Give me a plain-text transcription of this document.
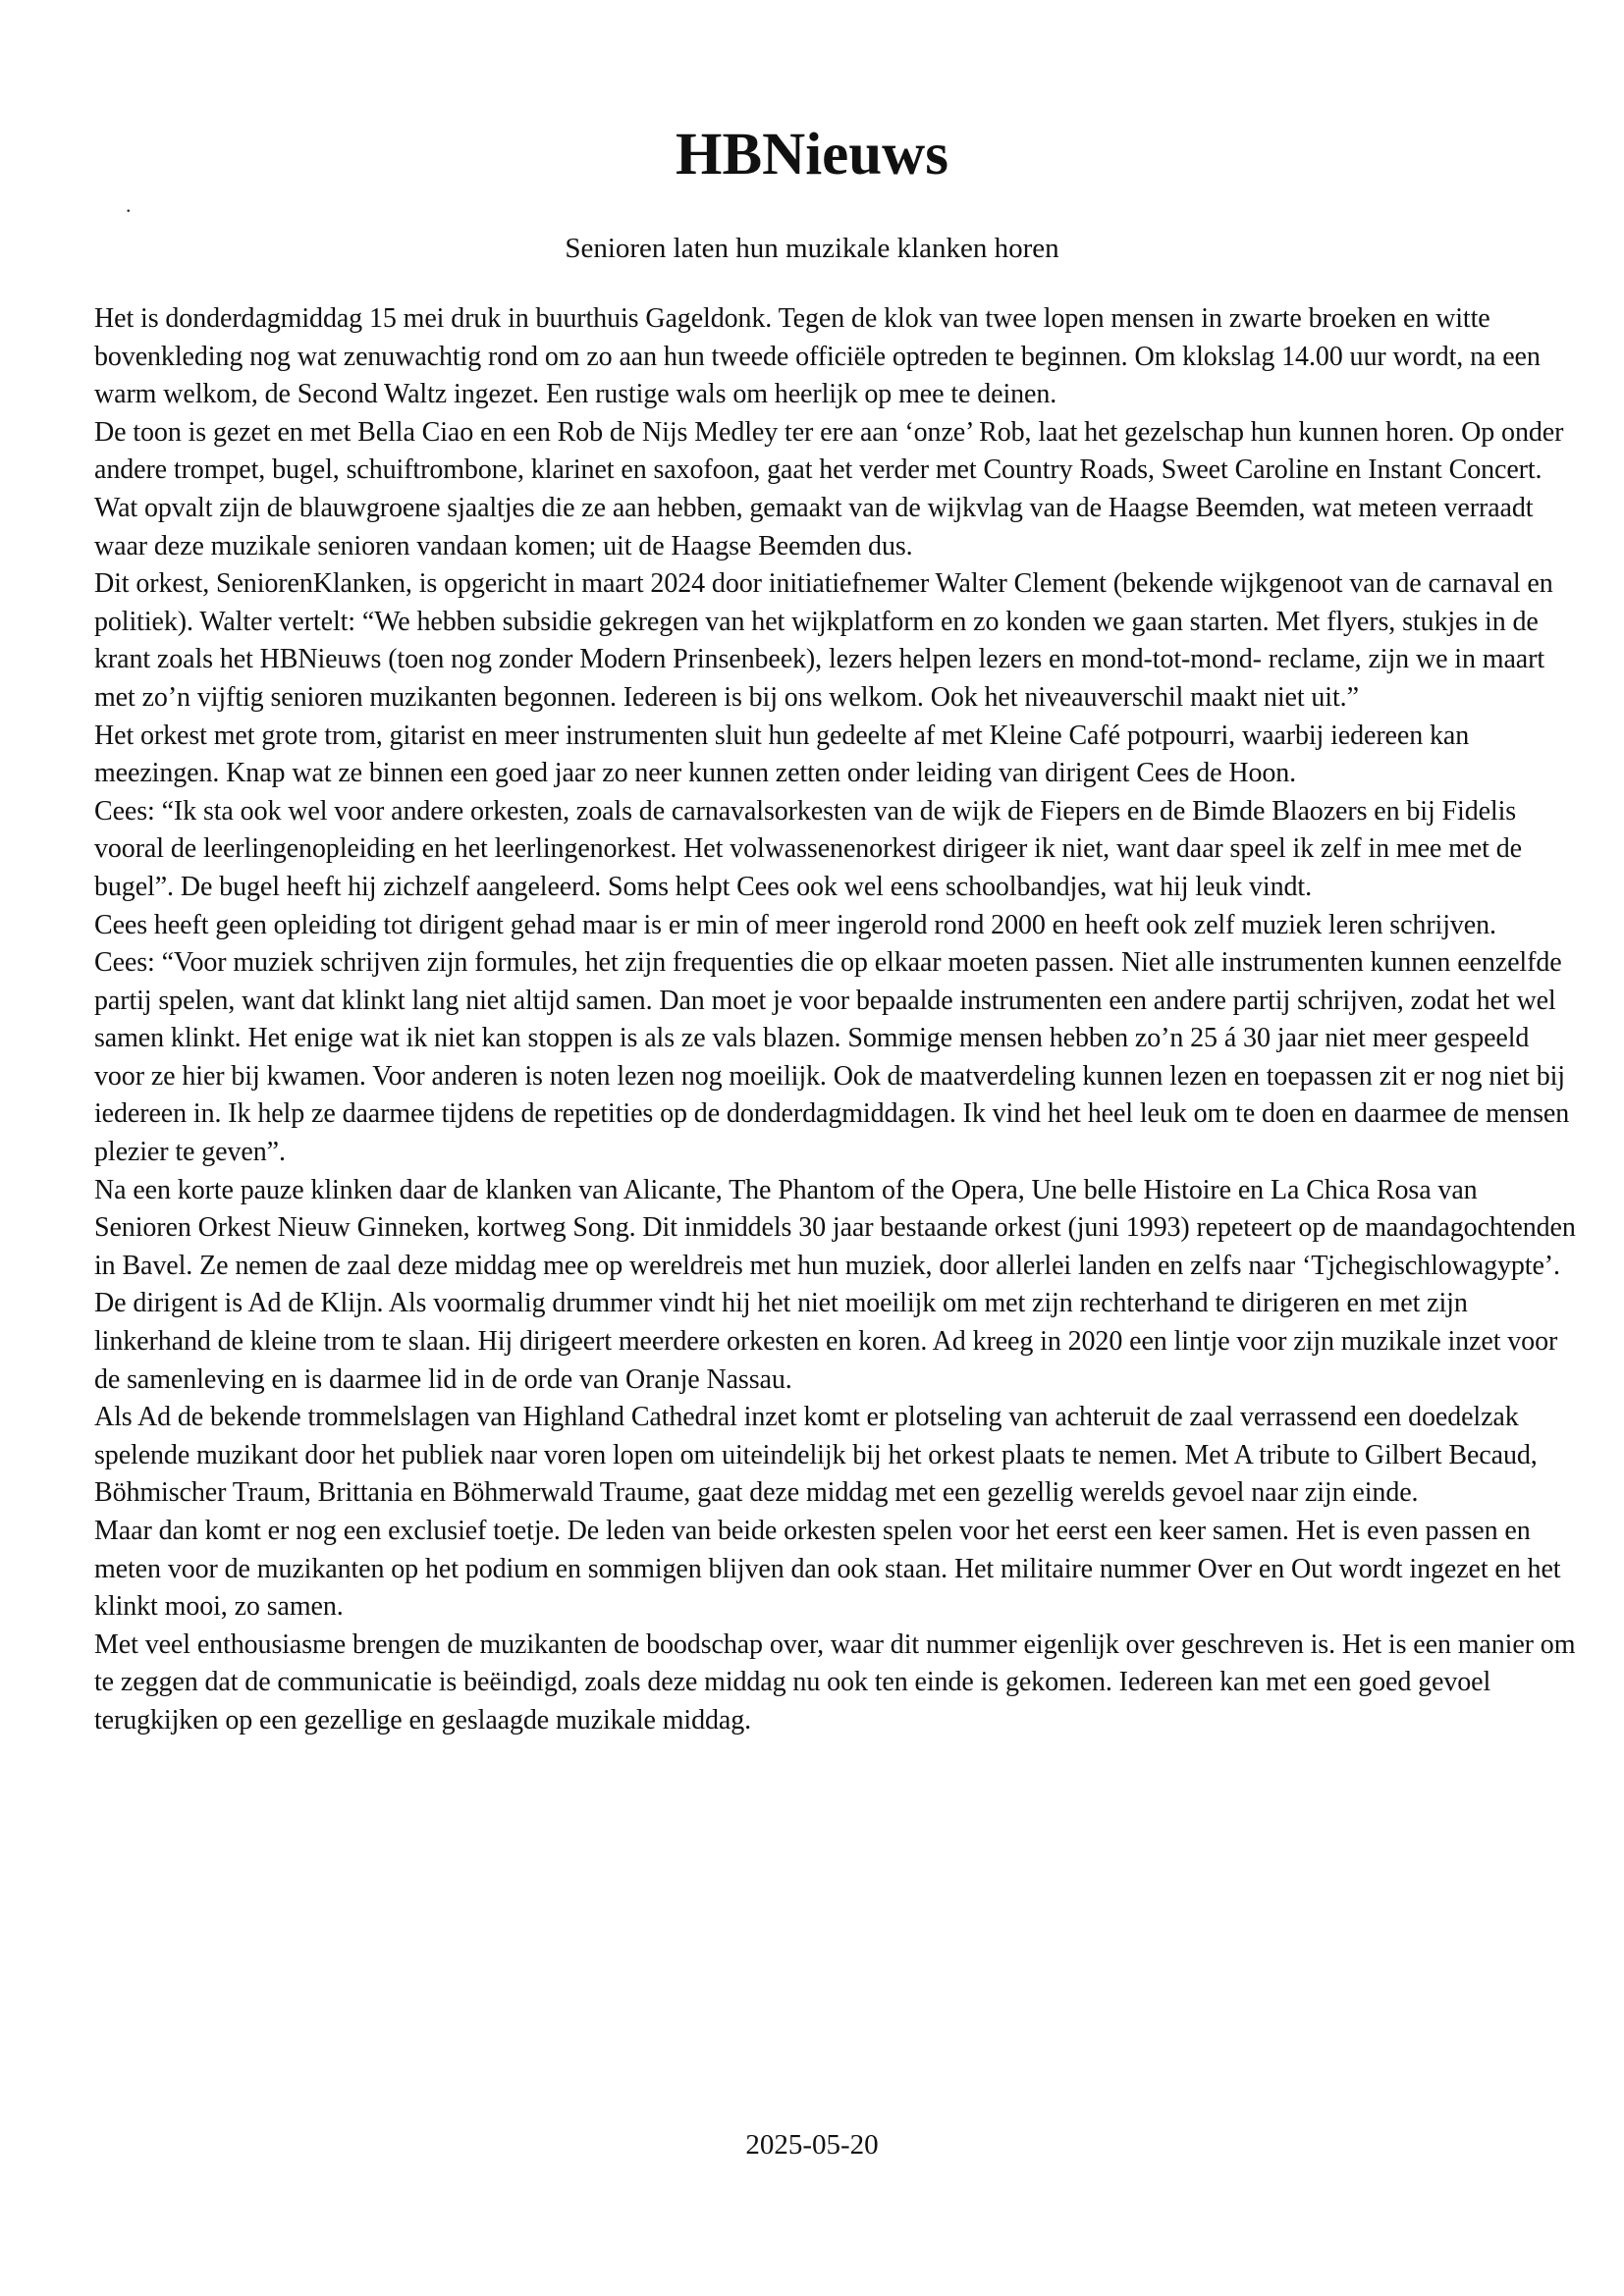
HBNieuws
.
Senioren laten hun muzikale klanken horen

Het is donderdagmiddag 15 mei druk in buurthuis Gageldonk. Tegen de klok van twee lopen mensen in zwarte broeken en witte bovenkleding nog wat zenuwachtig rond om zo aan hun tweede officiële optreden te beginnen. Om klokslag 14.00 uur wordt, na een warm welkom, de Second Waltz ingezet. Een rustige wals om heerlijk op mee te deinen.

De toon is gezet en met Bella Ciao en een Rob de Nijs Medley ter ere aan ‘onze’ Rob, laat het gezelschap hun kunnen horen. Op onder andere trompet, bugel, schuiftrombone, klarinet en saxofoon, gaat het verder met Country Roads, Sweet Caroline en Instant Concert. Wat opvalt zijn de blauwgroene sjaaltjes die ze aan hebben, gemaakt van de wijkvlag van de Haagse Beemden, wat meteen verraadt waar deze muzikale senioren vandaan komen; uit de Haagse Beemden dus.

Dit orkest, SeniorenKlanken, is opgericht in maart 2024 door initiatiefnemer Walter Clement (bekende wijkgenoot van de carnaval en politiek). Walter vertelt: “We hebben subsidie gekregen van het wijkplatform en zo konden we gaan starten. Met flyers, stukjes in de krant zoals het HBNieuws (toen nog zonder Modern Prinsenbeek), lezers helpen lezers en mond-tot-mond- reclame, zijn we in maart met zo’n vijftig senioren muzikanten begonnen. Iedereen is bij ons welkom. Ook het niveauverschil maakt niet uit.”

Het orkest met grote trom, gitarist en meer instrumenten sluit hun gedeelte af met Kleine Café potpourri, waarbij iedereen kan meezingen. Knap wat ze binnen een goed jaar zo neer kunnen zetten onder leiding van dirigent Cees de Hoon.

Cees: “Ik sta ook wel voor andere orkesten, zoals de carnavalsorkesten van de wijk de Fiepers en de Bimde Blaozers en bij Fidelis vooral de leerlingenopleiding en het leerlingenorkest. Het volwassenenorkest dirigeer ik niet, want daar speel ik zelf in mee met de bugel”. De bugel heeft hij zichzelf aangeleerd. Soms helpt Cees ook wel eens schoolbandjes, wat hij leuk vindt.

Cees heeft geen opleiding tot dirigent gehad maar is er min of meer ingerold rond 2000 en heeft ook zelf muziek leren schrijven.

Cees: “Voor muziek schrijven zijn formules, het zijn frequenties die op elkaar moeten passen. Niet alle instrumenten kunnen eenzelfde partij spelen, want dat klinkt lang niet altijd samen. Dan moet je voor bepaalde instrumenten een andere partij schrijven, zodat het wel samen klinkt. Het enige wat ik niet kan stoppen is als ze vals blazen. Sommige mensen hebben zo’n 25 á 30 jaar niet meer gespeeld voor ze hier bij kwamen. Voor anderen is noten lezen nog moeilijk. Ook de maatverdeling kunnen lezen en toepassen zit er nog niet bij iedereen in. Ik help ze daarmee tijdens de repetities op de donderdagmiddagen. Ik vind het heel leuk om te doen en daarmee de mensen plezier te geven”.

Na een korte pauze klinken daar de klanken van Alicante, The Phantom of the Opera, Une belle Histoire en La Chica Rosa van Senioren Orkest Nieuw Ginneken, kortweg Song. Dit inmiddels 30 jaar bestaande orkest (juni 1993) repeteert op de maandagochtenden in Bavel. Ze nemen de zaal deze middag mee op wereldreis met hun muziek, door allerlei landen en zelfs naar ‘Tjchegischlowagypte’.

De dirigent is Ad de Klijn. Als voormalig drummer vindt hij het niet moeilijk om met zijn rechterhand te dirigeren en met zijn linkerhand de kleine trom te slaan. Hij dirigeert meerdere orkesten en koren. Ad kreeg in 2020 een lintje voor zijn muzikale inzet voor de samenleving en is daarmee lid in de orde van Oranje Nassau.

Als Ad de bekende trommelslagen van Highland Cathedral inzet komt er plotseling van achteruit de zaal verrassend een doedelzak spelende muzikant door het publiek naar voren lopen om uiteindelijk bij het orkest plaats te nemen. Met A tribute to Gilbert Becaud, Böhmischer Traum, Brittania en Böhmerwald Traume, gaat deze middag met een gezellig werelds gevoel naar zijn einde.

Maar dan komt er nog een exclusief toetje. De leden van beide orkesten spelen voor het eerst een keer samen. Het is even passen en meten voor de muzikanten op het podium en sommigen blijven dan ook staan. Het militaire nummer Over en Out wordt ingezet en het klinkt mooi, zo samen.

Met veel enthousiasme brengen de muzikanten de boodschap over, waar dit nummer eigenlijk over geschreven is. Het is een manier om te zeggen dat de communicatie is beëindigd, zoals deze middag nu ook ten einde is gekomen. Iedereen kan met een goed gevoel terugkijken op een gezellige en geslaagde muzikale middag.

2025-05-20
